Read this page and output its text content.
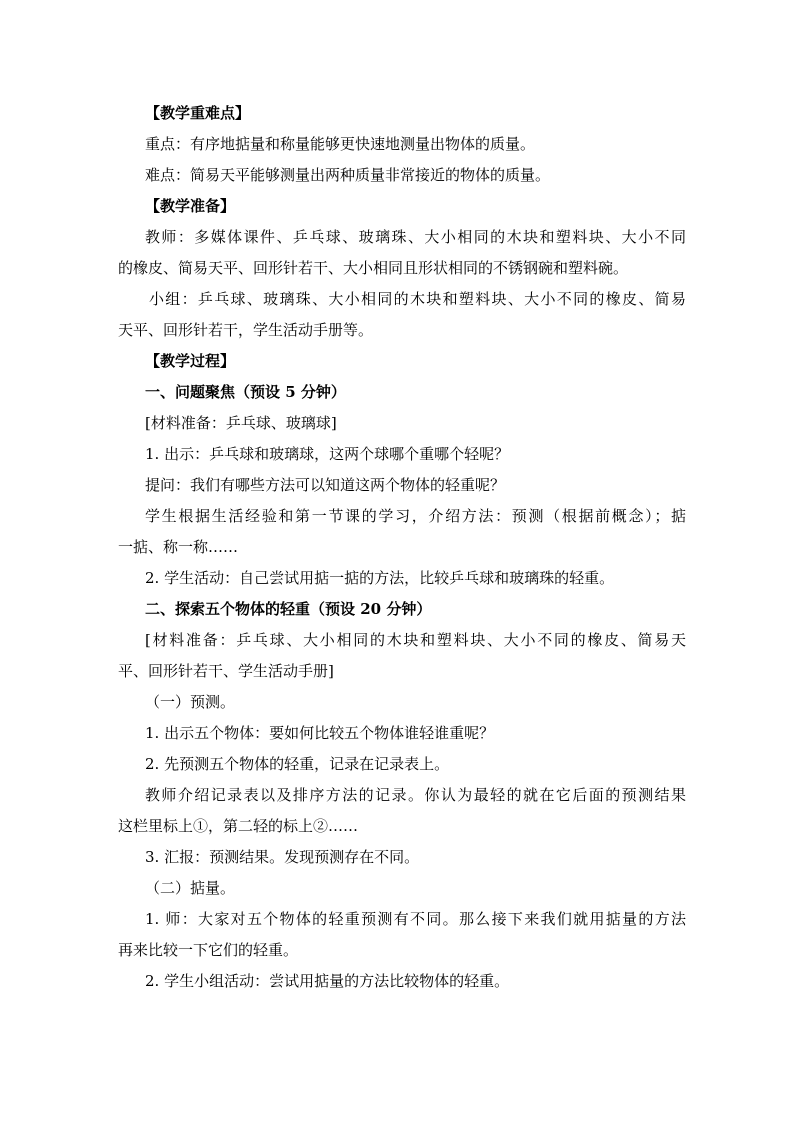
【教学重难点】
重点：有序地掂量和称量能够更快速地测量出物体的质量。
难点：简易天平能够测量出两种质量非常接近的物体的质量。
【教学准备】
教师：多媒体课件、乒乓球、玻璃珠、大小相同的木块和塑料块、大小不同
的橡皮、简易天平、回形针若干、大小相同且形状相同的不锈钢碗和塑料碗。
小组：乒乓球、玻璃珠、大小相同的木块和塑料块、大小不同的橡皮、简易
天平、回形针若干，学生活动手册等。
【教学过程】
一、问题聚焦（预设 5 分钟）
[材料准备：乒乓球、玻璃球]
1. 出示：乒乓球和玻璃球，这两个球哪个重哪个轻呢？
提问：我们有哪些方法可以知道这两个物体的轻重呢？
学生根据生活经验和第一节课的学习，介绍方法：预测（根据前概念）；掂
一掂、称一称……
2. 学生活动：自己尝试用掂一掂的方法，比较乒乓球和玻璃珠的轻重。
二、探索五个物体的轻重（预设 20 分钟）
[材料准备：乒乓球、大小相同的木块和塑料块、大小不同的橡皮、简易天
平、回形针若干、学生活动手册]
（一）预测。
1. 出示五个物体：要如何比较五个物体谁轻谁重呢？
2. 先预测五个物体的轻重，记录在记录表上。
教师介绍记录表以及排序方法的记录。你认为最轻的就在它后面的预测结果
这栏里标上①，第二轻的标上②……
3. 汇报：预测结果。发现预测存在不同。
（二）掂量。
1. 师：大家对五个物体的轻重预测有不同。那么接下来我们就用掂量的方法
再来比较一下它们的轻重。
2. 学生小组活动：尝试用掂量的方法比较物体的轻重。
